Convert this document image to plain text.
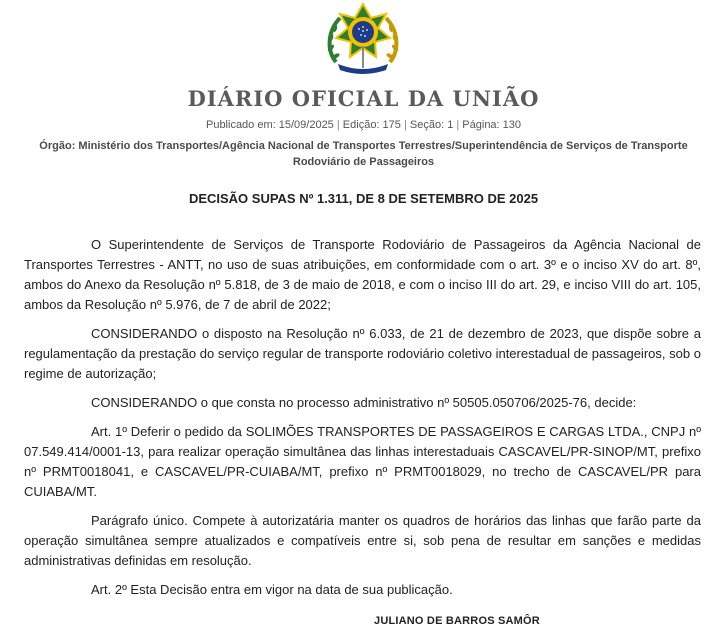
DIÁRIO OFICIAL DA UNIÃO
Publicado em: 15/09/2025 | Edição: 175 | Seção: 1 | Página: 130
Órgão: Ministério dos Transportes/Agência Nacional de Transportes Terrestres/Superintendência de Serviços de Transporte Rodoviário de Passageiros
DECISÃO SUPAS Nº 1.311, DE 8 DE SETEMBRO DE 2025

O Superintendente de Serviços de Transporte Rodoviário de Passageiros da Agência Nacional de Transportes Terrestres - ANTT, no uso de suas atribuições, em conformidade com o art. 3º e o inciso XV do art. 8º, ambos do Anexo da Resolução nº 5.818, de 3 de maio de 2018, e com o inciso III do art. 29, e inciso VIII do art. 105, ambos da Resolução nº 5.976, de 7 de abril de 2022;

CONSIDERANDO o disposto na Resolução nº 6.033, de 21 de dezembro de 2023, que dispõe sobre a regulamentação da prestação do serviço regular de transporte rodoviário coletivo interestadual de passageiros, sob o regime de autorização;

CONSIDERANDO o que consta no processo administrativo nº 50505.050706/2025-76, decide:

Art. 1º Deferir o pedido da SOLIMÕES TRANSPORTES DE PASSAGEIROS E CARGAS LTDA., CNPJ nº 07.549.414/0001-13, para realizar operação simultânea das linhas interestaduais CASCAVEL/PR-SINOP/MT, prefixo nº PRMT0018041, e CASCAVEL/PR-CUIABA/MT, prefixo nº PRMT0018029, no trecho de CASCAVEL/PR para CUIABA/MT.

Parágrafo único. Compete à autorizatária manter os quadros de horários das linhas que farão parte da operação simultânea sempre atualizados e compatíveis entre si, sob pena de resultar em sanções e medidas administrativas definidas em resolução.

Art. 2º Esta Decisão entra em vigor na data de sua publicação.

JULIANO DE BARROS SAMÔR
